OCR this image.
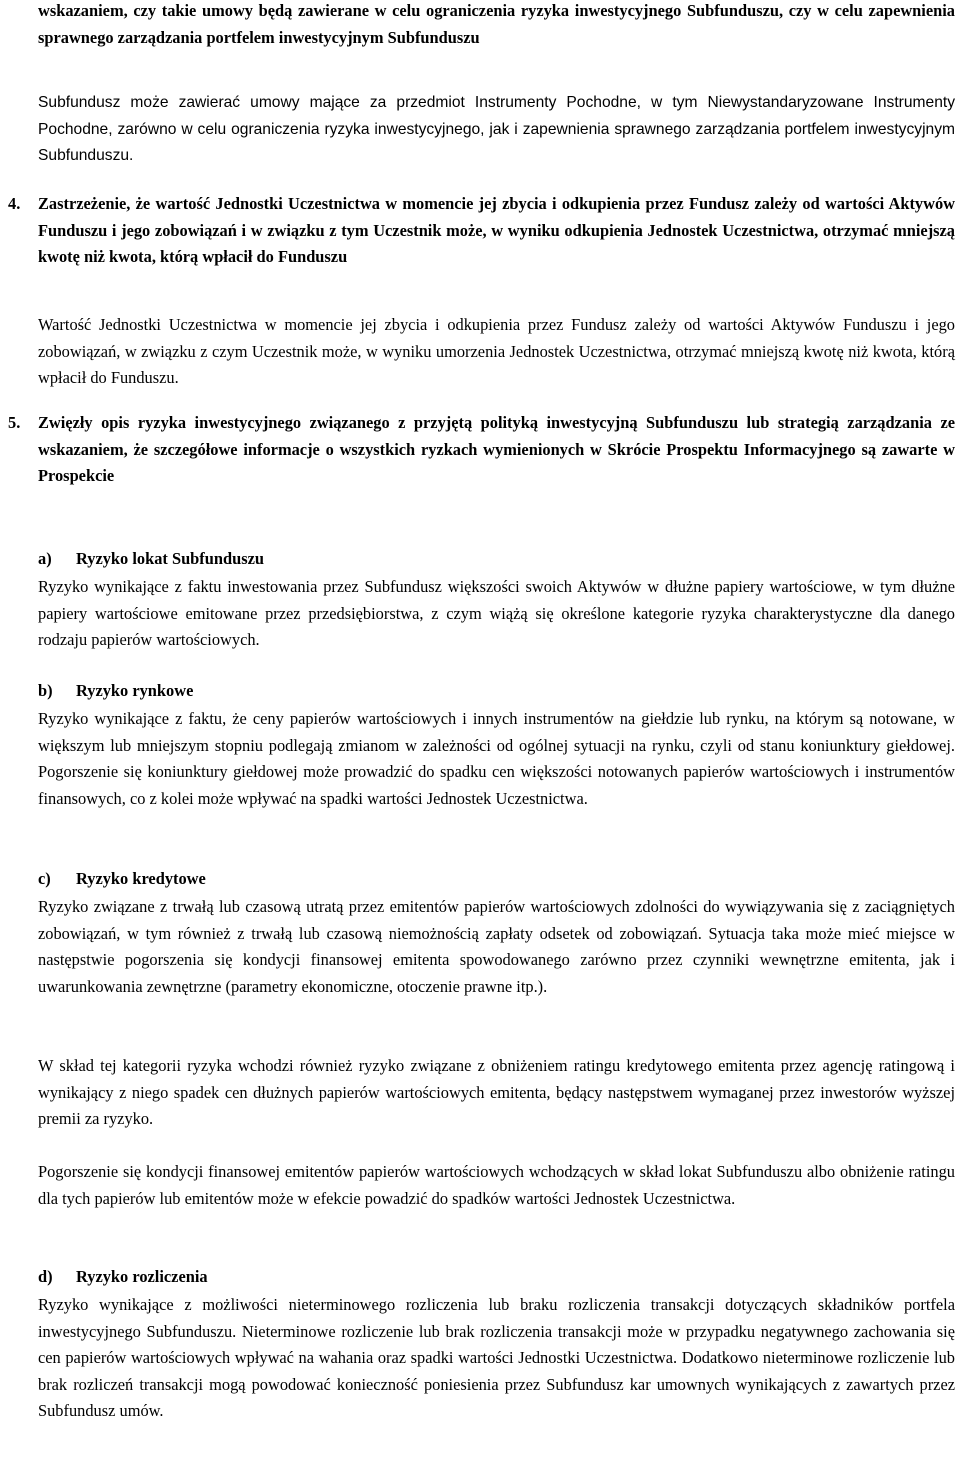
wskazaniem, czy takie umowy będą zawierane w celu ograniczenia ryzyka inwestycyjnego Subfunduszu, czy w celu zapewnienia sprawnego zarządzania portfelem inwestycyjnym Subfunduszu

Subfundusz może zawierać umowy mające za przedmiot Instrumenty Pochodne, w tym Niewystandaryzowane Instrumenty Pochodne, zarówno w celu ograniczenia ryzyka inwestycyjnego, jak i zapewnienia sprawnego zarządzania portfelem inwestycyjnym Subfunduszu.

4. Zastrzeżenie, że wartość Jednostki Uczestnictwa w momencie jej zbycia i odkupienia przez Fundusz zależy od wartości Aktywów Funduszu i jego zobowiązań i w związku z tym Uczestnik może, w wyniku odkupienia Jednostek Uczestnictwa, otrzymać mniejszą kwotę niż kwota, którą wpłacił do Funduszu

Wartość Jednostki Uczestnictwa w momencie jej zbycia i odkupienia przez Fundusz zależy od wartości Aktywów Funduszu i jego zobowiązań, w związku z czym Uczestnik może, w wyniku umorzenia Jednostek Uczestnictwa, otrzymać mniejszą kwotę niż kwota, którą wpłacił do Funduszu.

5. Zwięzły opis ryzyka inwestycyjnego związanego z przyjętą polityką inwestycyjną Subfunduszu lub strategią zarządzania ze wskazaniem, że szczegółowe informacje o wszystkich ryzkach wymienionych w Skrócie Prospektu Informacyjnego są zawarte w Prospekcie

a) Ryzyko lokat Subfunduszu

Ryzyko wynikające z faktu inwestowania przez Subfundusz większości swoich Aktywów w dłużne papiery wartościowe, w tym dłużne papiery wartościowe emitowane przez przedsiębiorstwa, z czym wiążą się określone kategorie ryzyka charakterystyczne dla danego rodzaju papierów wartościowych.

b) Ryzyko rynkowe

Ryzyko wynikające z faktu, że ceny papierów wartościowych i innych instrumentów na giełdzie lub rynku, na którym są notowane, w większym lub mniejszym stopniu podlegają zmianom w zależności od ogólnej sytuacji na rynku, czyli od stanu koniunktury giełdowej. Pogorszenie się koniunktury giełdowej może prowadzić do spadku cen większości notowanych papierów wartościowych i instrumentów finansowych, co z kolei może wpływać na spadki wartości Jednostek Uczestnictwa.

c) Ryzyko kredytowe

Ryzyko związane z trwałą lub czasową utratą przez emitentów papierów wartościowych zdolności do wywiązywania się z zaciągniętych zobowiązań, w tym również z trwałą lub czasową niemożnością zapłaty odsetek od zobowiązań. Sytuacja taka może mieć miejsce w następstwie pogorszenia się kondycji finansowej emitenta spowodowanego zarówno przez czynniki wewnętrzne emitenta, jak i uwarunkowania zewnętrzne (parametry ekonomiczne, otoczenie prawne itp.).

W skład tej kategorii ryzyka wchodzi również ryzyko związane z obniżeniem ratingu kredytowego emitenta przez agencję ratingową i wynikający z niego spadek cen dłużnych papierów wartościowych emitenta, będący następstwem wymaganej przez inwestorów wyższej premii za ryzyko.

Pogorszenie się kondycji finansowej emitentów papierów wartościowych wchodzących w skład lokat Subfunduszu albo obniżenie ratingu dla tych papierów lub emitentów może w efekcie powadzić do spadków wartości Jednostek Uczestnictwa.

d) Ryzyko rozliczenia

Ryzyko wynikające z możliwości nieterminowego rozliczenia lub braku rozliczenia transakcji dotyczących składników portfela inwestycyjnego Subfunduszu. Nieterminowe rozliczenie lub brak rozliczenia transakcji może w przypadku negatywnego zachowania się cen papierów wartościowych wpływać na wahania oraz spadki wartości Jednostki Uczestnictwa. Dodatkowo nieterminowe rozliczenie lub brak rozliczeń transakcji mogą powodować konieczność poniesienia przez Subfundusz kar umownych wynikających z zawartych przez Subfundusz umów.
